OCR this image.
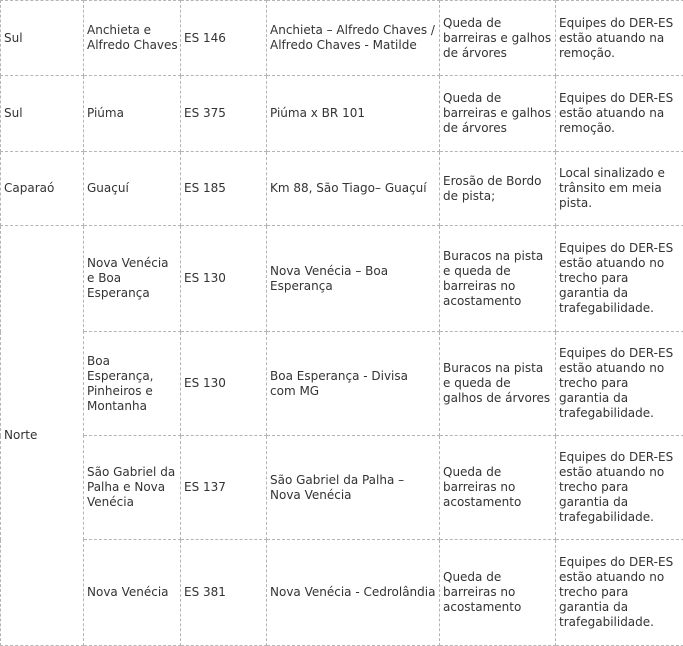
Sul	Anchieta e Alfredo Chaves	ES 146	Anchieta – Alfredo Chaves / Alfredo Chaves - Matilde	Queda de barreiras e galhos de árvores	Equipes do DER-ES estão atuando na remoção.
Sul	Piúma	ES 375	Piúma x BR 101	Queda de barreiras e galhos de árvores	Equipes do DER-ES estão atuando na remoção.
Caparaó	Guaçuí	ES 185	Km 88, São Tiago– Guaçuí	Erosão de Bordo de pista;	Local sinalizado e trânsito em meia pista.
Norte	Nova Venécia e Boa Esperança	ES 130	Nova Venécia – Boa Esperança	Buracos na pista e queda de barreiras no acostamento	Equipes do DER-ES estão atuando no trecho para garantia da trafegabilidade.
	Boa Esperança, Pinheiros e Montanha	ES 130	Boa Esperança - Divisa com MG	Buracos na pista e queda de galhos de árvores	Equipes do DER-ES estão atuando no trecho para garantia da trafegabilidade.
	São Gabriel da Palha e Nova Venécia	ES 137	São Gabriel da Palha – Nova Venécia	Queda de barreiras no acostamento	Equipes do DER-ES estão atuando no trecho para garantia da trafegabilidade.
	Nova Venécia	ES 381	Nova Venécia - Cedrolândia	Queda de barreiras no acostamento	Equipes do DER-ES estão atuando no trecho para garantia da trafegabilidade.
